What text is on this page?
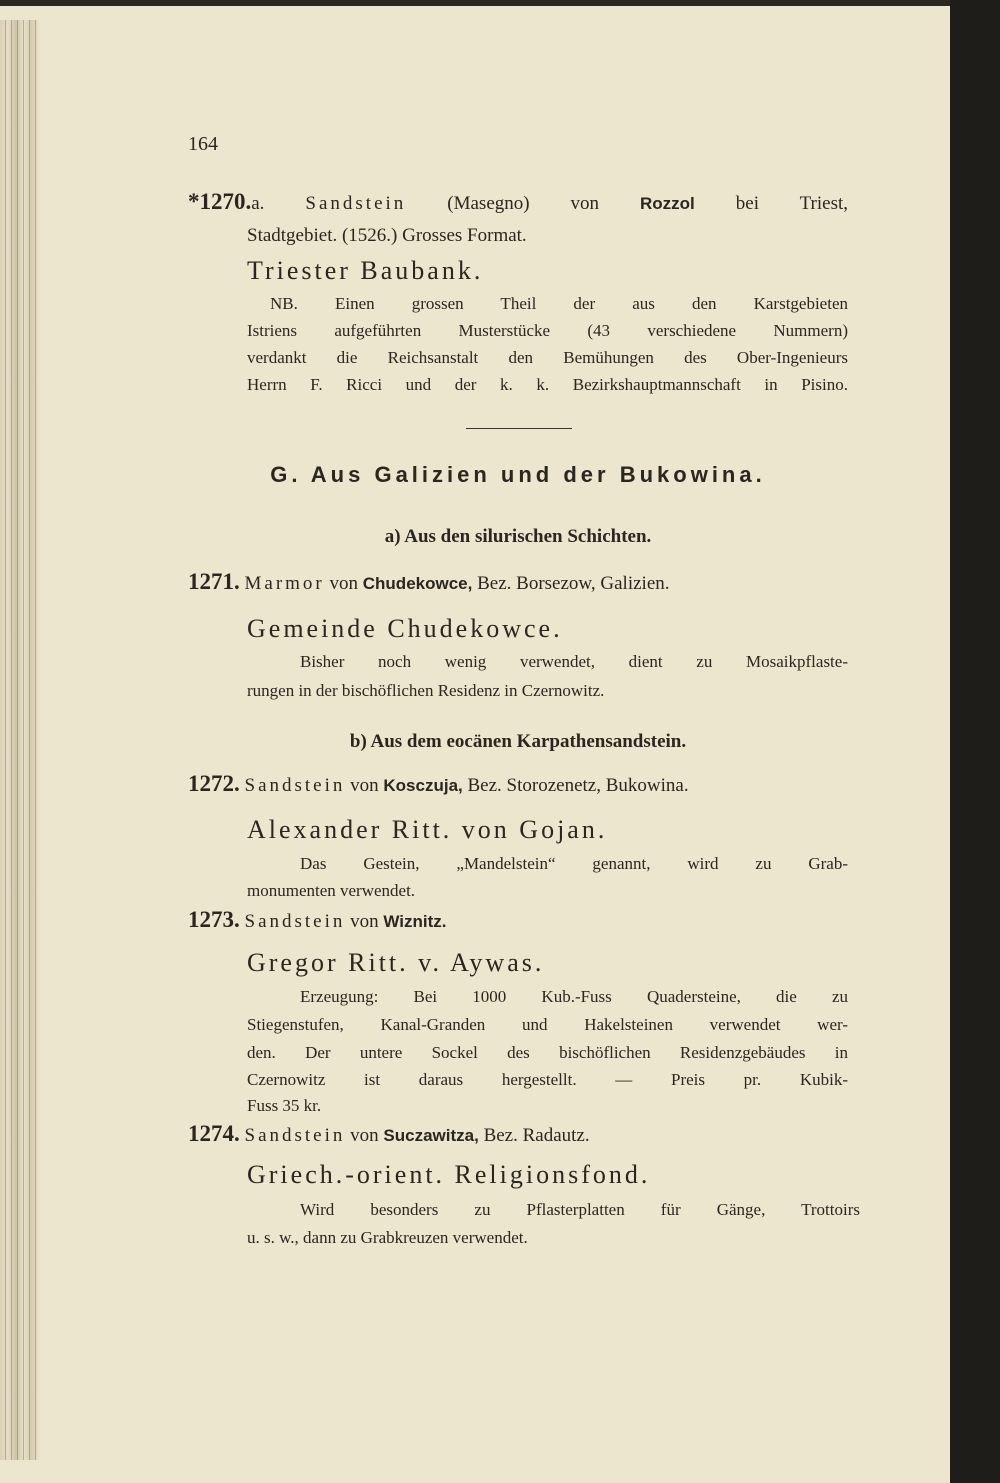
164
*1270.a. Sandstein (Masegno) von Rozzol bei Triest,
Stadtgebiet. (1526.) Grosses Format.
Triester Baubank.
NB. Einen grossen Theil der aus den Karstgebieten
Istriens aufgeführten Musterstücke (43 verschiedene Nummern)
verdankt die Reichsanstalt den Bemühungen des Ober-Ingenieurs
Herrn F. Ricci und der k. k. Bezirkshauptmannschaft in Pisino.
G. Aus Galizien und der Bukowina.
a) Aus den silurischen Schichten.
1271. Marmor von Chudekowce, Bez. Borsezow, Galizien.
Gemeinde Chudekowce.
Bisher noch wenig verwendet, dient zu Mosaikpflaste-
rungen in der bischöflichen Residenz in Czernowitz.
b) Aus dem eocänen Karpathensandstein.
1272. Sandstein von Kosczuja, Bez. Storozenetz, Bukowina.
Alexander Ritt. von Gojan.
Das Gestein, „Mandelstein“ genannt, wird zu Grab-
monumenten verwendet.
1273. Sandstein von Wiznitz.
Gregor Ritt. v. Aywas.
Erzeugung: Bei 1000 Kub.-Fuss Quadersteine, die zu
Stiegenstufen, Kanal-Granden und Hakelsteinen verwendet wer-
den. Der untere Sockel des bischöflichen Residenzgebäudes in
Czernowitz ist daraus hergestellt. — Preis pr. Kubik-
Fuss 35 kr.
1274. Sandstein von Suczawitza, Bez. Radautz.
Griech.-orient. Religionsfond.
Wird besonders zu Pflasterplatten für Gänge, Trottoirs
u. s. w., dann zu Grabkreuzen verwendet.
